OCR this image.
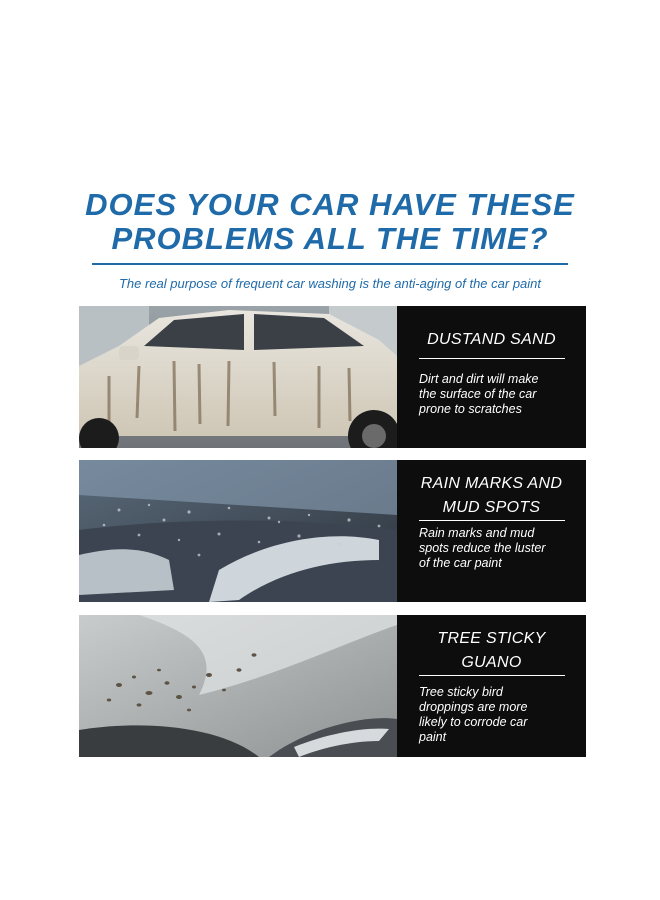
DOES YOUR CAR HAVE THESE
PROBLEMS ALL THE TIME?
The real purpose of frequent car washing is the anti-aging of the car paint
DUSTAND SAND
Dirt and dirt will make
the surface of the car
prone to scratches
RAIN MARKS AND
MUD SPOTS
Rain marks and mud
spots reduce the luster
of the car paint
TREE STICKY
GUANO
Tree sticky bird
droppings are more
likely to corrode car
paint
